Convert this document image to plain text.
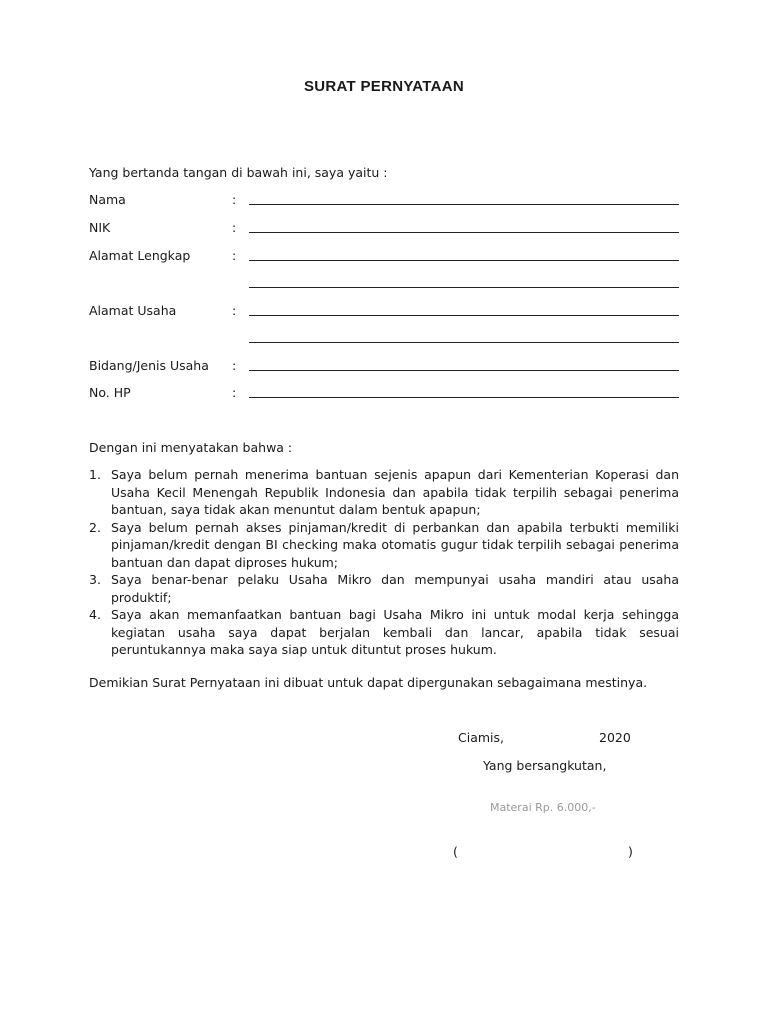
SURAT PERNYATAAN
Yang bertanda tangan di bawah ini, saya yaitu :
Nama	:
NIK	:
Alamat Lengkap	:
Alamat Usaha	:
Bidang/Jenis Usaha :
No. HP	:
Dengan ini menyatakan bahwa :
1. Saya belum pernah menerima bantuan sejenis apapun dari Kementerian Koperasi dan Usaha Kecil Menengah Republik Indonesia dan apabila tidak terpilih sebagai penerima bantuan, saya tidak akan menuntut dalam bentuk apapun;
2. Saya belum pernah akses pinjaman/kredit di perbankan dan apabila terbukti memiliki pinjaman/kredit dengan BI checking maka otomatis gugur tidak terpilih sebagai penerima bantuan dan dapat diproses hukum;
3. Saya benar-benar pelaku Usaha Mikro dan mempunyai usaha mandiri atau usaha produktif;
4. Saya akan memanfaatkan bantuan bagi Usaha Mikro ini untuk modal kerja sehingga kegiatan usaha saya dapat berjalan kembali dan lancar, apabila tidak sesuai peruntukannya maka saya siap untuk dituntut proses hukum.
Demikian Surat Pernyataan ini dibuat untuk dapat dipergunakan sebagaimana mestinya.
Ciamis,	2020
Yang bersangkutan,
Materai Rp. 6.000,-
(	)
